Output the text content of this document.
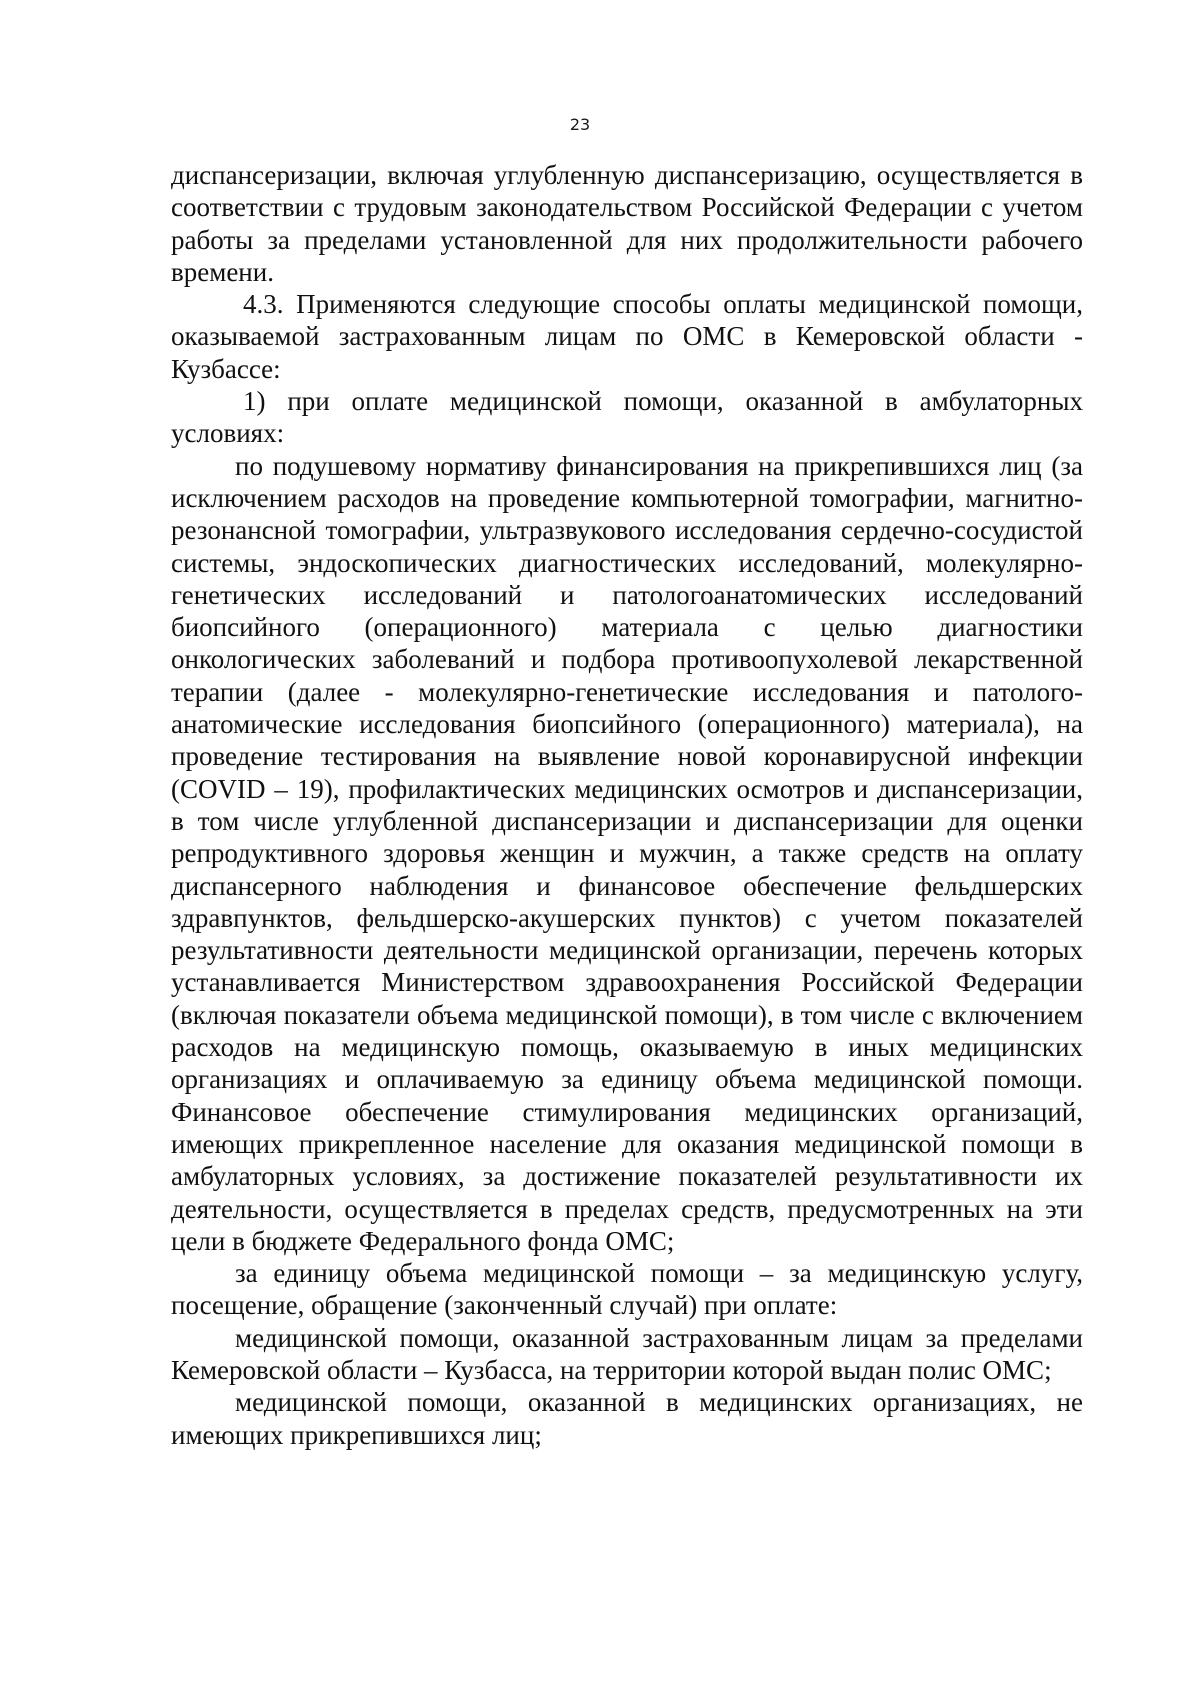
23

диспансеризации, включая углубленную диспансеризацию, осуществляется в соответствии с трудовым законодательством Российской Федерации с учетом работы за пределами установленной для них продолжительности рабочего времени.

4.3. Применяются следующие способы оплаты медицинской помощи, оказываемой застрахованным лицам по ОМС в Кемеровской области - Кузбассе:

1) при оплате медицинской помощи, оказанной в амбулаторных условиях:

по подушевому нормативу финансирования на прикрепившихся лиц (за исключением расходов на проведение компьютерной томографии, магнитно-резонансной томографии, ультразвукового исследования сердечно-сосудистой системы, эндоскопических диагностических исследований, молекулярно-генетических исследований и патологоанатомических исследований биопсийного (операционного) материала с целью диагностики онкологических заболеваний и подбора противоопухолевой лекарственной терапии (далее - молекулярно-генетические исследования и патолого-анатомические исследования биопсийного (операционного) материала), на проведение тестирования на выявление новой коронавирусной инфекции (COVID – 19), профилактических медицинских осмотров и диспансеризации, в том числе углубленной диспансеризации и диспансеризации для оценки репродуктивного здоровья женщин и мужчин, а также средств на оплату диспансерного наблюдения и финансовое обеспечение фельдшерских здравпунктов, фельдшерско-акушерских пунктов) с учетом показателей результативности деятельности медицинской организации, перечень которых устанавливается Министерством здравоохранения Российской Федерации (включая показатели объема медицинской помощи), в том числе с включением расходов на медицинскую помощь, оказываемую в иных медицинских организациях и оплачиваемую за единицу объема медицинской помощи. Финансовое обеспечение стимулирования медицинских организаций, имеющих прикрепленное население для оказания медицинской помощи в амбулаторных условиях, за достижение показателей результативности их деятельности, осуществляется в пределах средств, предусмотренных на эти цели в бюджете Федерального фонда ОМС;

за единицу объема медицинской помощи – за медицинскую услугу, посещение, обращение (законченный случай) при оплате:

медицинской помощи, оказанной застрахованным лицам за пределами Кемеровской области – Кузбасса, на территории которой выдан полис ОМС;

медицинской помощи, оказанной в медицинских организациях, не имеющих прикрепившихся лиц;
